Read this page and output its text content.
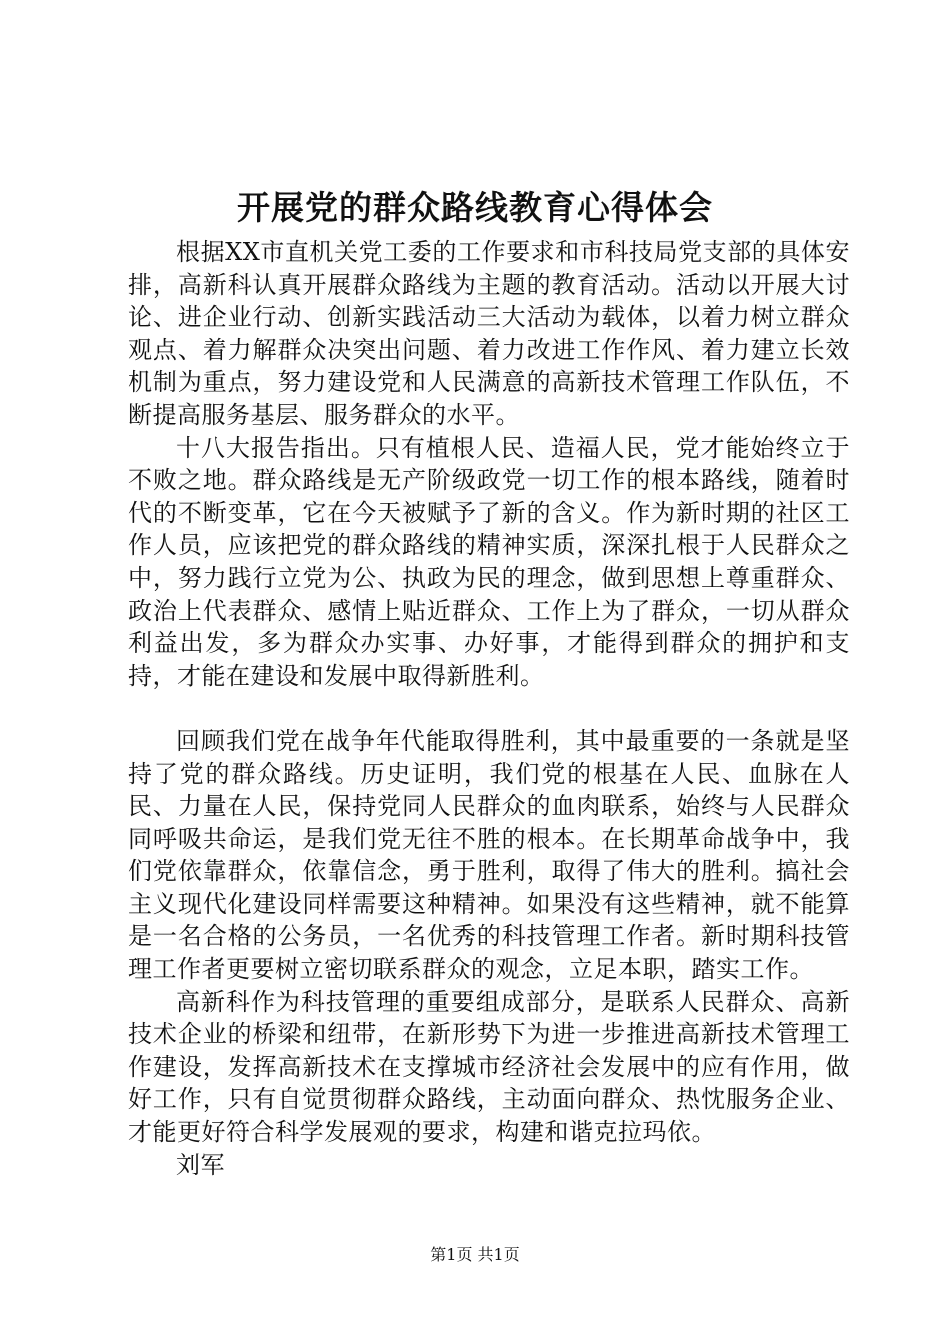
开展党的群众路线教育心得体会

根据XX市直机关党工委的工作要求和市科技局党支部的具体安排，高新科认真开展群众路线为主题的教育活动。活动以开展大讨论、进企业行动、创新实践活动三大活动为载体，以着力树立群众观点、着力解群众决突出问题、着力改进工作作风、着力建立长效机制为重点，努力建设党和人民满意的高新技术管理工作队伍，不断提高服务基层、服务群众的水平。

十八大报告指出。只有植根人民、造福人民，党才能始终立于不败之地。群众路线是无产阶级政党一切工作的根本路线，随着时代的不断变革，它在今天被赋予了新的含义。作为新时期的社区工作人员，应该把党的群众路线的精神实质，深深扎根于人民群众之中，努力践行立党为公、执政为民的理念，做到思想上尊重群众、政治上代表群众、感情上贴近群众、工作上为了群众，一切从群众利益出发，多为群众办实事、办好事，才能得到群众的拥护和支持，才能在建设和发展中取得新胜利。

回顾我们党在战争年代能取得胜利，其中最重要的一条就是坚持了党的群众路线。历史证明，我们党的根基在人民、血脉在人民、力量在人民，保持党同人民群众的血肉联系，始终与人民群众同呼吸共命运，是我们党无往不胜的根本。在长期革命战争中，我们党依靠群众，依靠信念，勇于胜利，取得了伟大的胜利。搞社会主义现代化建设同样需要这种精神。如果没有这些精神，就不能算是一名合格的公务员，一名优秀的科技管理工作者。新时期科技管理工作者更要树立密切联系群众的观念，立足本职，踏实工作。

高新科作为科技管理的重要组成部分，是联系人民群众、高新技术企业的桥梁和纽带，在新形势下为进一步推进高新技术管理工作建设，发挥高新技术在支撑城市经济社会发展中的应有作用，做好工作，只有自觉贯彻群众路线，主动面向群众、热忱服务企业、才能更好符合科学发展观的要求，构建和谐克拉玛依。

刘军

第1页 共1页
